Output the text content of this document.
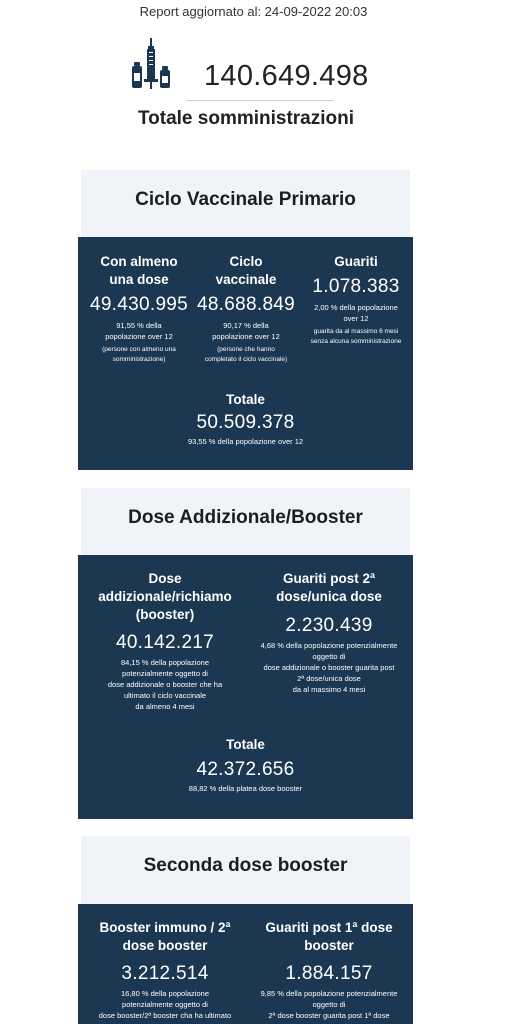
Report aggiornato al: 24-09-2022 20:03
140.649.498
Totale somministrazioni
Ciclo Vaccinale Primario
Con almeno
una dose
49.430.995
91,55 % della
popolazione over 12
(persone con almeno una
somministrazione)
Ciclo
vaccinale
48.688.849
90,17 % della
popolazione over 12
(persone che hanno
completato il ciclo vaccinale)
Guariti
1.078.383
2,00 % della popolazione
over 12
guarita da al massimo 6 mesi
senza alcuna somministrazione
Totale
50.509.378
93,55 % della popolazione over 12
Dose Addizionale/Booster
Dose
addizionale/richiamo
(booster)
40.142.217
84,15 % della popolazione
potenzialmente oggetto di
dose addizionale o booster che ha
ultimato il ciclo vaccinale
da almeno 4 mesi
Guariti post 2ª
dose/unica dose
2.230.439
4,68 % della popolazione potenzialmente
oggetto di
dose addizionale o booster guarita post
2ª dose/unica dose
da al massimo 4 mesi
Totale
42.372.656
88,82 % della platea dose booster
Seconda dose booster
Booster immuno / 2ª
dose booster
3.212.514
16,80 % della popolazione
potenzialmente oggetto di
dose booster/2ª booster cha ha ultimato
Guariti post 1ª dose
booster
1.884.157
9,85 % della popolazione potenzialmente
oggetto di
2ª dose booster guarita post 1ª dose
